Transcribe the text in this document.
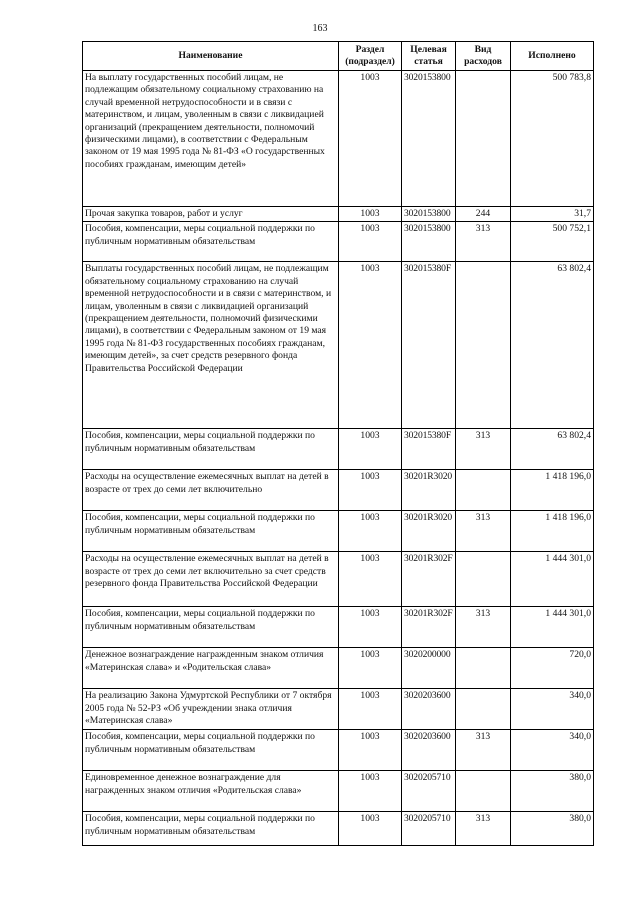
163
Наименование	Раздел (подраздел)	Целевая статья	Вид расходов	Исполнено
На выплату государственных пособий лицам, не подлежащим обязательному социальному страхованию на случай временной нетрудоспособности и в связи с материнством, и лицам, уволенным в связи с ликвидацией организаций (прекращением деятельности, полномочий физическими лицами), в соответствии с Федеральным законом от 19 мая 1995 года № 81-ФЗ «О государственных пособиях гражданам, имеющим детей»	1003	3020153800		500 783,8
Прочая закупка товаров, работ и услуг	1003	3020153800	244	31,7
Пособия, компенсации, меры социальной поддержки по публичным нормативным обязательствам	1003	3020153800	313	500 752,1
Выплаты государственных пособий лицам, не подлежащим обязательному социальному страхованию на случай временной нетрудоспособности и в связи с материнством, и лицам, уволенным в связи с ликвидацией организаций (прекращением деятельности, полномочий физическими лицами), в соответствии с Федеральным законом от 19 мая 1995 года № 81-ФЗ государственных пособиях гражданам, имеющим детей», за счет средств резервного фонда Правительства Российской Федерации	1003	302015380F		63 802,4
Пособия, компенсации, меры социальной поддержки по публичным нормативным обязательствам	1003	302015380F	313	63 802,4
Расходы на осуществление ежемесячных выплат на детей в возрасте от трех до семи лет включительно	1003	30201R3020		1 418 196,0
Пособия, компенсации, меры социальной поддержки по публичным нормативным обязательствам	1003	30201R3020	313	1 418 196,0
Расходы на осуществление ежемесячных выплат на детей в возрасте от трех до семи лет включительно за счет средств резервного фонда Правительства Российской Федерации	1003	30201R302F		1 444 301,0
Пособия, компенсации, меры социальной поддержки по публичным нормативным обязательствам	1003	30201R302F	313	1 444 301,0
Денежное вознаграждение награжденным знаком отличия «Материнская слава» и «Родительская слава»	1003	3020200000		720,0
На реализацию Закона Удмуртской Республики от 7 октября 2005 года № 52-РЗ «Об учреждении знака отличия «Материнская слава»	1003	3020203600		340,0
Пособия, компенсации, меры социальной поддержки по публичным нормативным обязательствам	1003	3020203600	313	340,0
Единовременное денежное вознаграждение для награжденных знаком отличия «Родительская слава»	1003	3020205710		380,0
Пособия, компенсации, меры социальной поддержки по публичным нормативным обязательствам	1003	3020205710	313	380,0
